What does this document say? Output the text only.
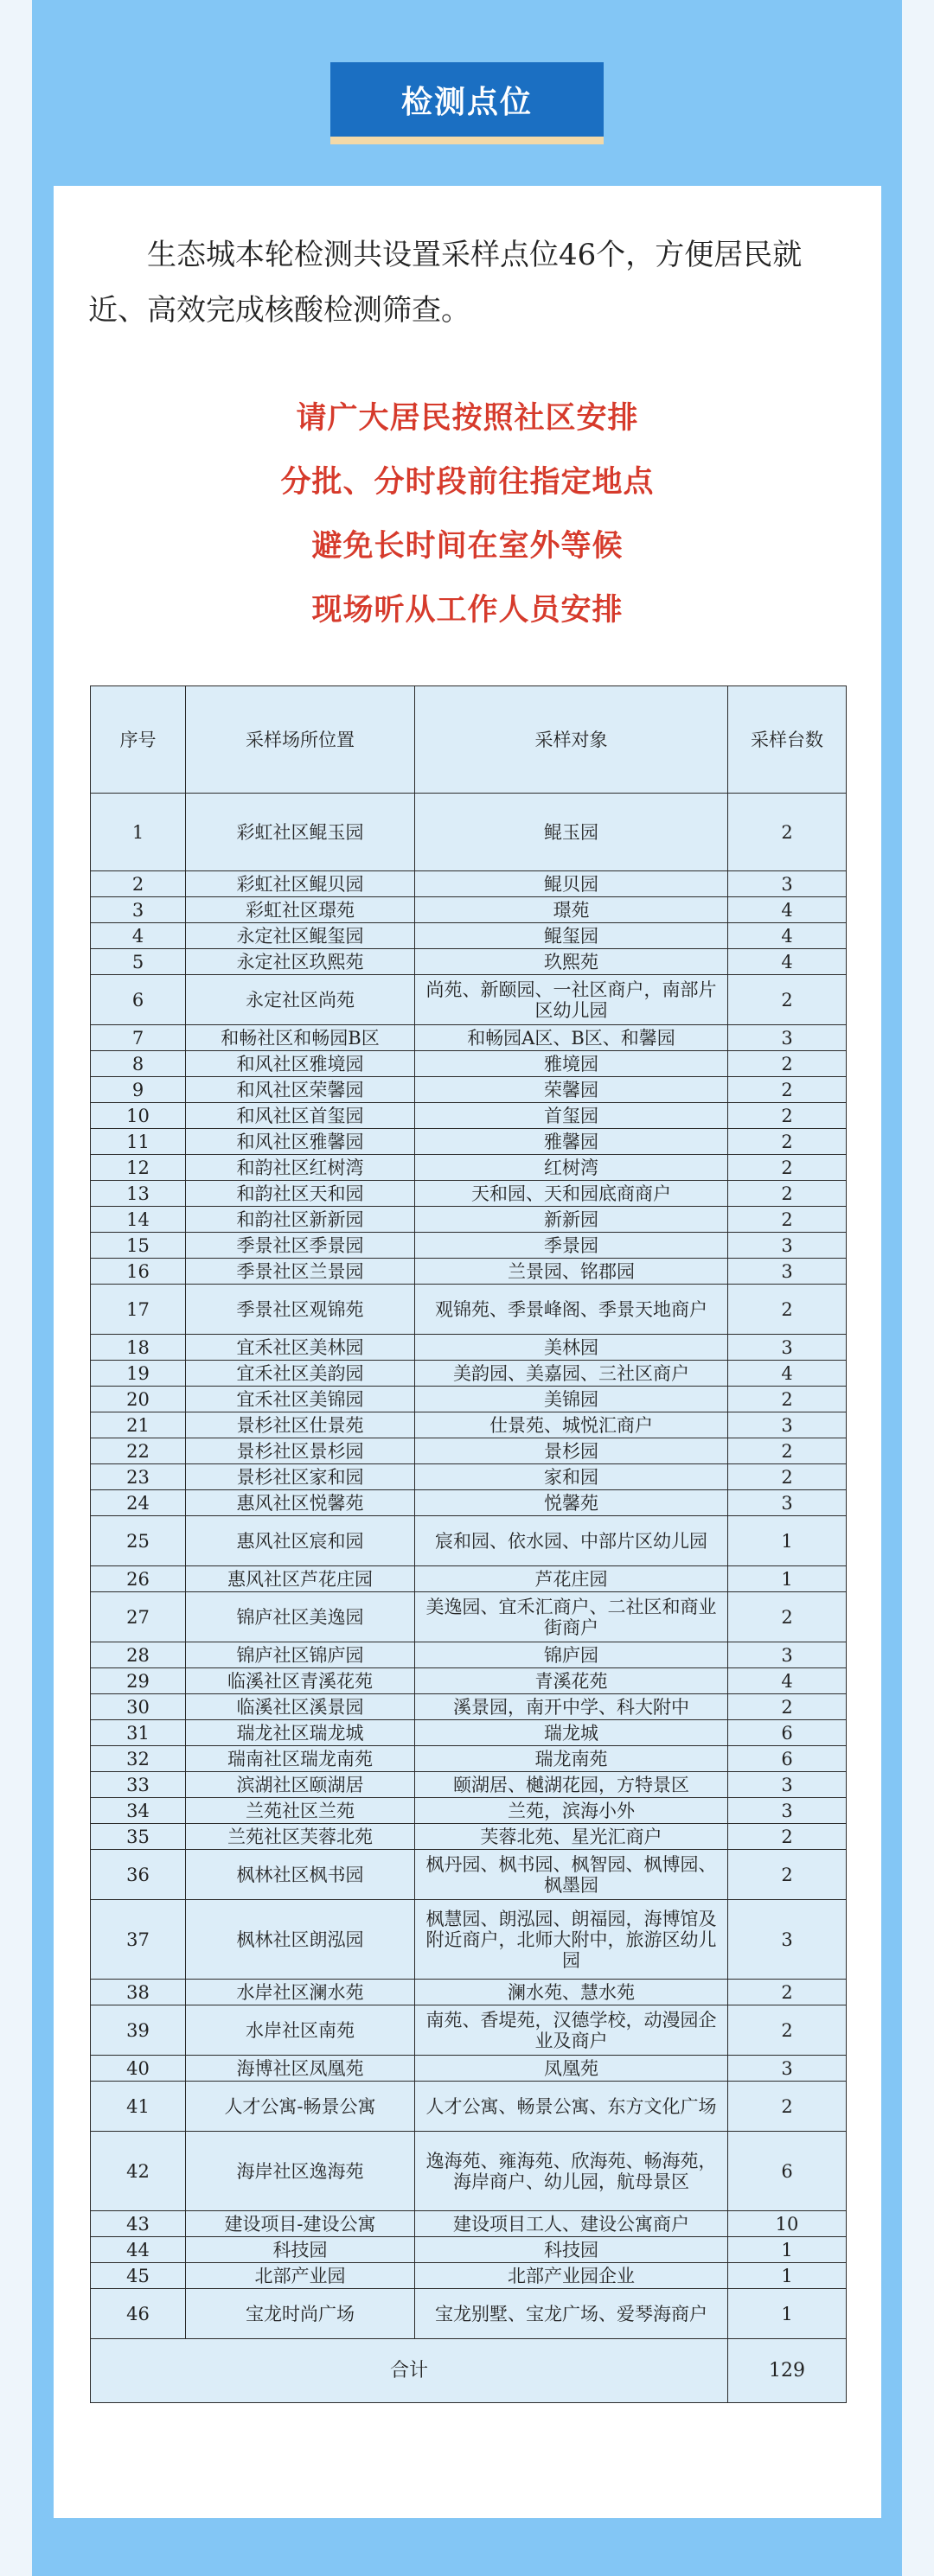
检测点位

生态城本轮检测共设置采样点位46个，方便居民就近、高效完成核酸检测筛查。

请广大居民按照社区安排
分批、分时段前往指定地点
避免长时间在室外等候
现场听从工作人员安排
序号	采样场所位置	采样对象	采样台数
1	彩虹社区鲲玉园	鲲玉园	2
2	彩虹社区鲲贝园	鲲贝园	3
3	彩虹社区璟苑	璟苑	4
4	永定社区鲲玺园	鲲玺园	4
5	永定社区玖熙苑	玖熙苑	4
6	永定社区尚苑	尚苑、新颐园、一社区商户，南部片区幼儿园	2
7	和畅社区和畅园B区	和畅园A区、B区、和馨园	3
8	和风社区雅境园	雅境园	2
9	和风社区荣馨园	荣馨园	2
10	和风社区首玺园	首玺园	2
11	和风社区雅馨园	雅馨园	2
12	和韵社区红树湾	红树湾	2
13	和韵社区天和园	天和园、天和园底商商户	2
14	和韵社区新新园	新新园	2
15	季景社区季景园	季景园	3
16	季景社区兰景园	兰景园、铭郡园	3
17	季景社区观锦苑	观锦苑、季景峰阁、季景天地商户	2
18	宜禾社区美林园	美林园	3
19	宜禾社区美韵园	美韵园、美嘉园、三社区商户	4
20	宜禾社区美锦园	美锦园	2
21	景杉社区仕景苑	仕景苑、城悦汇商户	3
22	景杉社区景杉园	景杉园	2
23	景杉社区家和园	家和园	2
24	惠风社区悦馨苑	悦馨苑	3
25	惠风社区宸和园	宸和园、依水园、中部片区幼儿园	1
26	惠风社区芦花庄园	芦花庄园	1
27	锦庐社区美逸园	美逸园、宜禾汇商户、二社区和商业街商户	2
28	锦庐社区锦庐园	锦庐园	3
29	临溪社区青溪花苑	青溪花苑	4
30	临溪社区溪景园	溪景园，南开中学、科大附中	2
31	瑞龙社区瑞龙城	瑞龙城	6
32	瑞南社区瑞龙南苑	瑞龙南苑	6
33	滨湖社区颐湖居	颐湖居、樾湖花园，方特景区	3
34	兰苑社区兰苑	兰苑，滨海小外	3
35	兰苑社区芙蓉北苑	芙蓉北苑、星光汇商户	2
36	枫林社区枫书园	枫丹园、枫书园、枫智园、枫博园、枫墨园	2
37	枫林社区朗泓园	枫慧园、朗泓园、朗福园，海博馆及附近商户，北师大附中，旅游区幼儿园	3
38	水岸社区澜水苑	澜水苑、慧水苑	2
39	水岸社区南苑	南苑、香堤苑，汉德学校，动漫园企业及商户	2
40	海博社区凤凰苑	凤凰苑	3
41	人才公寓-畅景公寓	人才公寓、畅景公寓、东方文化广场	2
42	海岸社区逸海苑	逸海苑、雍海苑、欣海苑、畅海苑，海岸商户、幼儿园，航母景区	6
43	建设项目-建设公寓	建设项目工人、建设公寓商户	10
44	科技园	科技园	1
45	北部产业园	北部产业园企业	1
46	宝龙时尚广场	宝龙别墅、宝龙广场、爱琴海商户	1
合计			129
